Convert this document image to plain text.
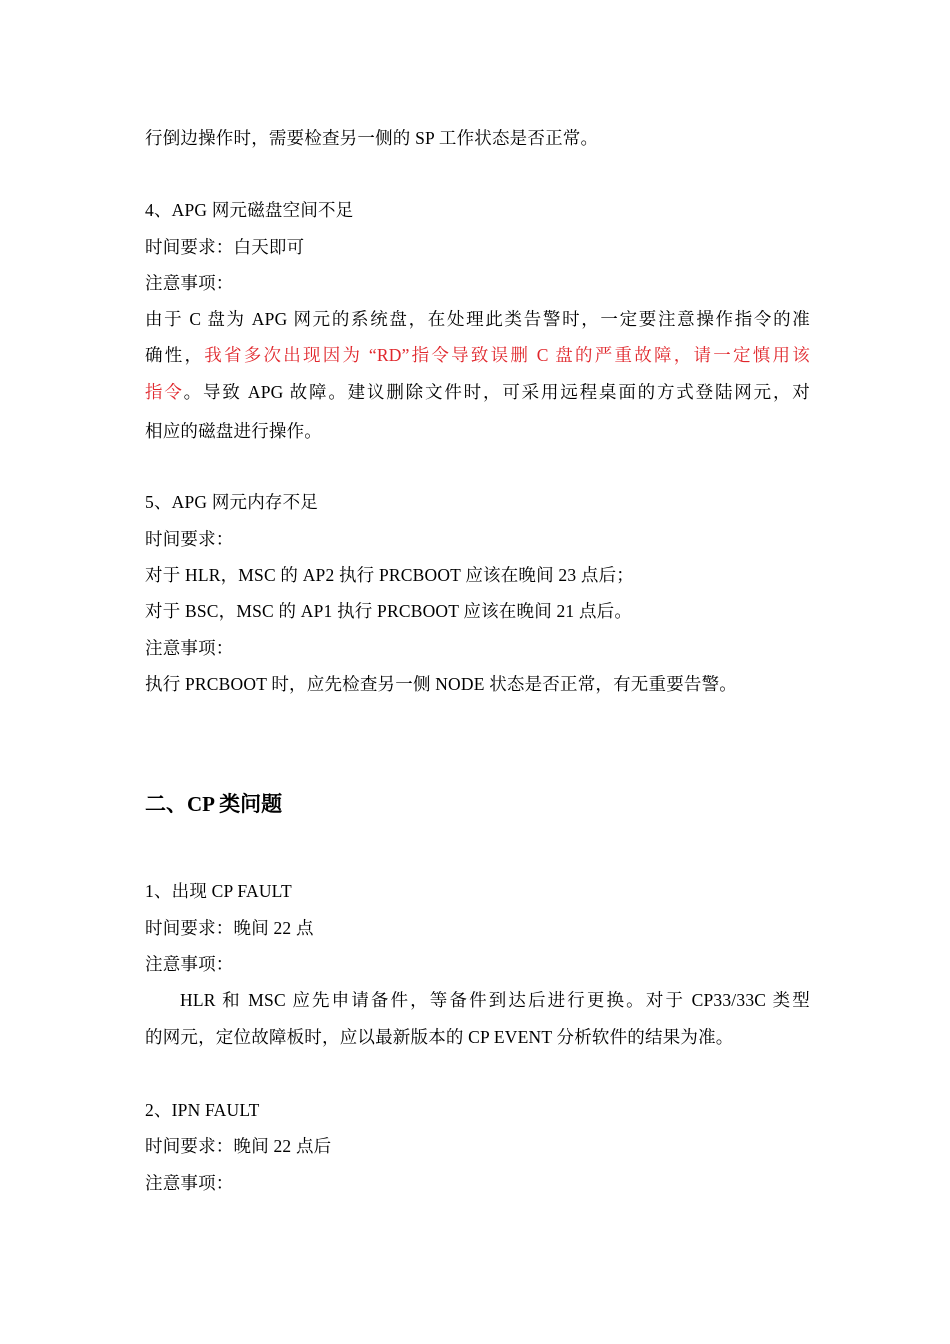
行倒边操作时，需要检查另一侧的 SP 工作状态是否正常。
4、APG 网元磁盘空间不足
时间要求：白天即可
注意事项：
由于 C 盘为 APG 网元的系统盘，在处理此类告警时，一定要注意操作指令的准
确性，我省多次出现因为 “RD”指令导致误删 C 盘的严重故障，请一定慎用该
指令。导致 APG 故障。建议删除文件时，可采用远程桌面的方式登陆网元，对
相应的磁盘进行操作。
5、APG 网元内存不足
时间要求：
对于 HLR，MSC 的 AP2 执行 PRCBOOT 应该在晚间 23 点后；
对于 BSC，MSC 的 AP1 执行 PRCBOOT 应该在晚间 21 点后。
注意事项：
执行 PRCBOOT 时，应先检查另一侧 NODE 状态是否正常，有无重要告警。
二、CP 类问题
1、出现 CP FAULT
时间要求：晚间 22 点
注意事项：
HLR 和 MSC 应先申请备件，等备件到达后进行更换。对于 CP33/33C 类型
的网元，定位故障板时，应以最新版本的 CP EVENT 分析软件的结果为准。
2、IPN FAULT
时间要求：晚间 22 点后
注意事项：
